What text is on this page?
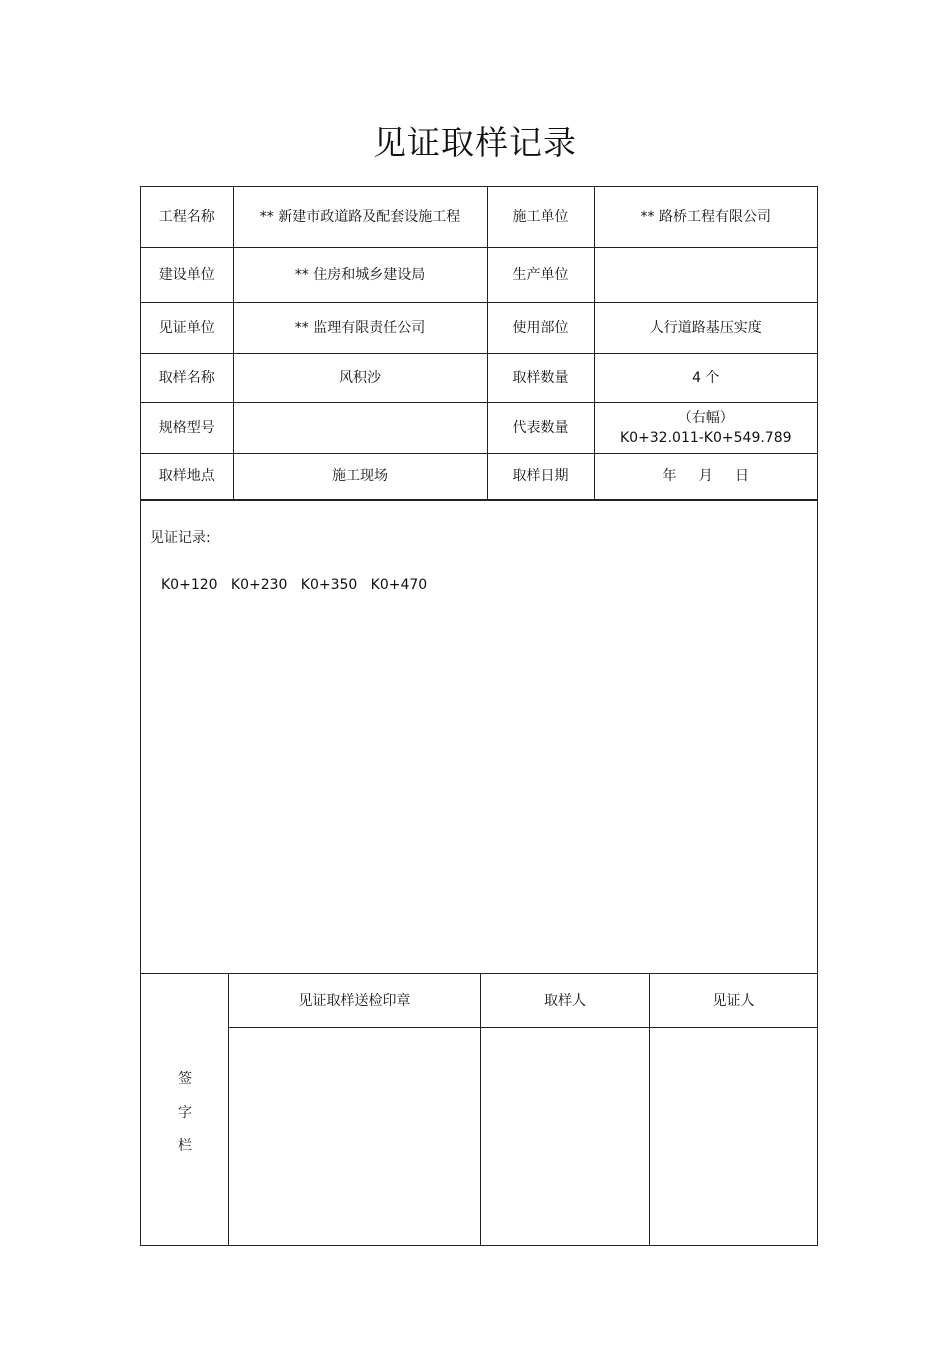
见证取样记录
工程名称	** 新建市政道路及配套设施工程	施工单位	** 路桥工程有限公司
建设单位	** 住房和城乡建设局	生产单位	
见证单位	** 监理有限责任公司	使用部位	人行道路基压实度
取样名称	风积沙	取样数量	4 个
规格型号		代表数量	（右幅）
K0+32.011-K0+549.789

取样地点	施工现场	取样日期	年     月     日
见证记录:
K0+120   K0+230   K0+350   K0+470
签
字
栏
见证取样送检印章	取样人	见证人
